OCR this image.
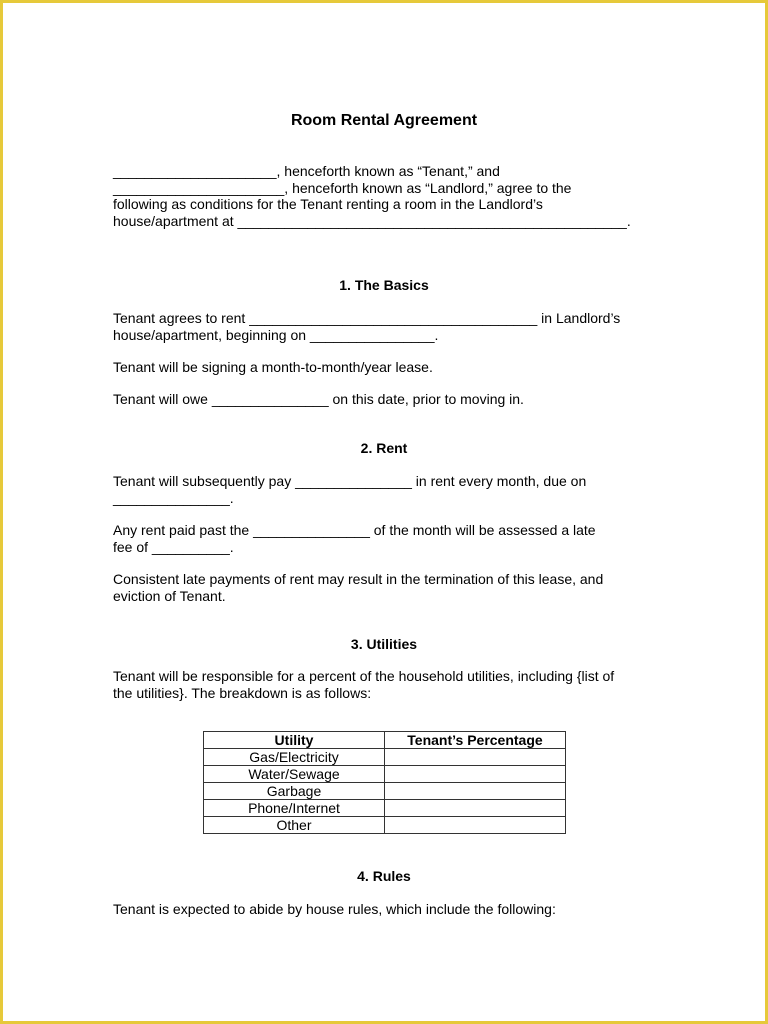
Room Rental Agreement

_____________________, henceforth known as “Tenant,” and
______________________, henceforth known as “Landlord,” agree to the
following as conditions for the Tenant renting a room in the Landlord’s
house/apartment at __________________________________________________.

1. The Basics

Tenant agrees to rent _____________________________________ in Landlord’s
house/apartment, beginning on ________________.

Tenant will be signing a month-to-month/year lease.

Tenant will owe _______________ on this date, prior to moving in.

2. Rent

Tenant will subsequently pay _______________ in rent every month, due on
_______________.

Any rent paid past the _______________ of the month will be assessed a late
fee of __________.

Consistent late payments of rent may result in the termination of this lease, and
eviction of Tenant.

3. Utilities

Tenant will be responsible for a percent of the household utilities, including {list of
the utilities}. The breakdown is as follows:

Utility	Tenant’s Percentage
Gas/Electricity	
Water/Sewage	
Garbage	
Phone/Internet	
Other	
4. Rules

Tenant is expected to abide by house rules, which include the following:
